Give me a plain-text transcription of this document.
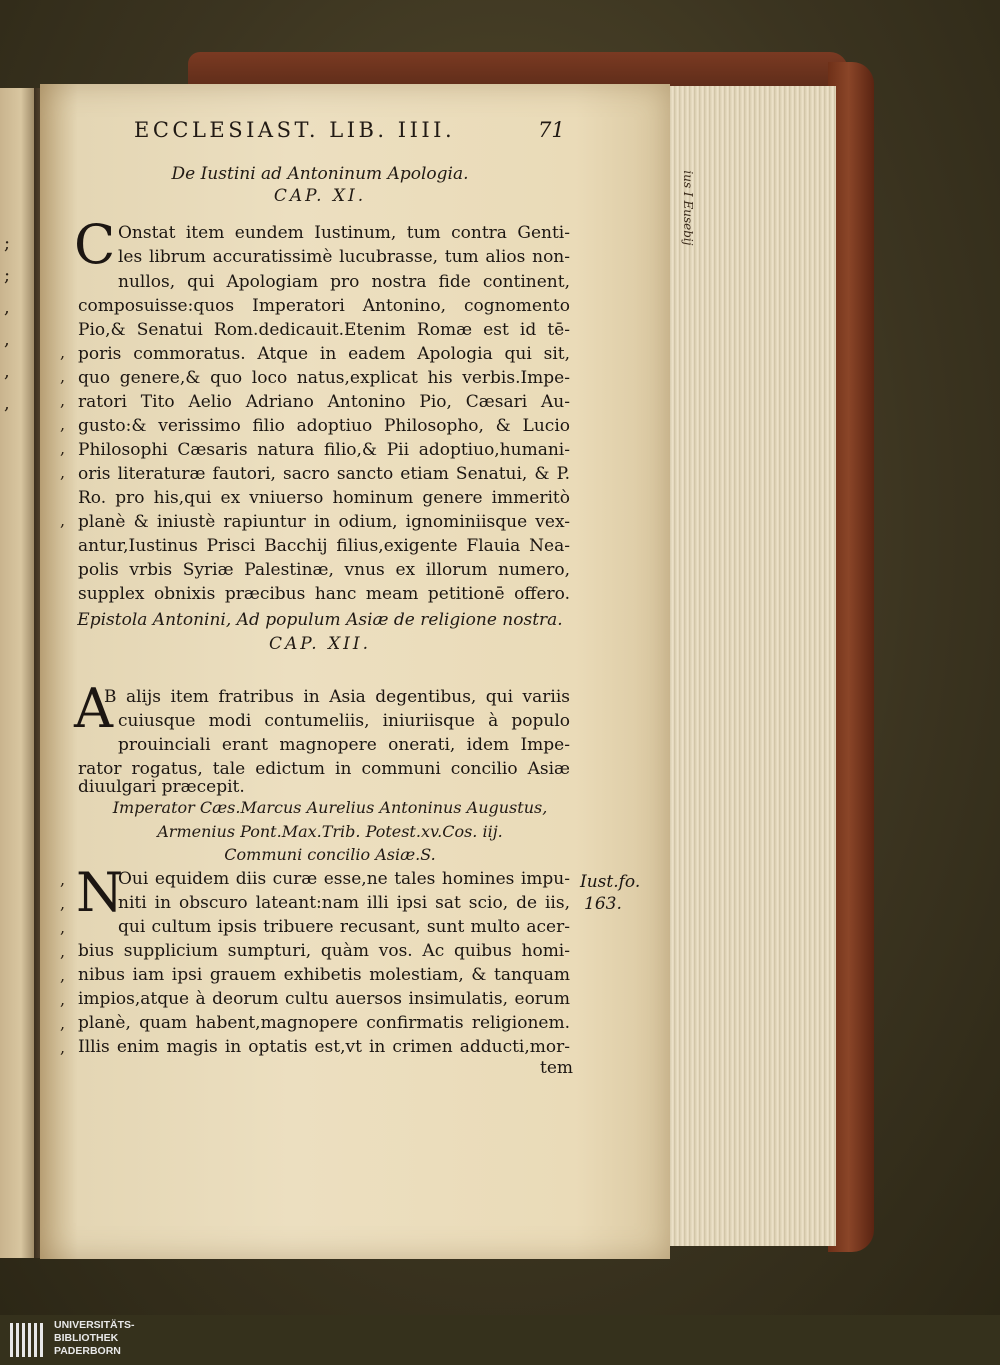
ius I Eusebij
;
;
,
,
,
,
ECCLESIAST. LIB. IIII.	71
De Iustini ad Antoninum Apologia.
CAP. XI.
C Onstat item eundem Iustinum, tum contra Genti-
les librum accuratissimè lucubrasse, tum alios non-
nullos, qui Apologiam pro nostra fide continent,
composuisse:quos Imperatori Antonino, cognomento
Pio,& Senatui Rom.dedicauit.Etenim Romæ est id tē-
poris commoratus. Atque in eadem Apologia qui sit,
quo genere,& quo loco natus,explicat his verbis.Impe-
ratori Tito Aelio Adriano Antonino Pio, Cæsari Au-
gusto:& verissimo filio adoptiuo Philosopho, & Lucio
Philosophi Cæsaris natura filio,& Pii adoptiuo,humani-
oris literaturæ fautori, sacro sancto etiam Senatui, & P.
Ro. pro his,qui ex vniuerso hominum genere immeritò
planè & iniustè rapiuntur in odium, ignominiisque vex-
antur,Iustinus Prisci Bacchij filius,exigente Flauia Nea-
polis vrbis Syriæ Palestinæ, vnus ex illorum numero,
supplex obnixis præcibus hanc meam petitionē offero.
,
,
,
,
,
,
,
Epistola Antonini, Ad populum Asiæ de religione nostra.
CAP. XII.
A
B alijs item fratribus in Asia degentibus, qui variis
cuiusque modi contumeliis, iniuriisque à populo
prouinciali erant magnopere onerati, idem Impe-
rator rogatus, tale edictum in communi concilio Asiæ
diuulgari præcepit.
Imperator Cæs.Marcus Aurelius Antoninus Augustus,
Armenius Pont.Max.Trib. Potest.xv.Cos. iij.
Communi concilio Asiæ.S.
N
Oui equidem diis curæ esse,ne tales homines impu-
niti in obscuro lateant:nam illi ipsi sat scio, de iis,
qui cultum ipsis tribuere recusant, sunt multo acer-
bius supplicium sumpturi, quàm vos. Ac quibus homi-
nibus iam ipsi grauem exhibetis molestiam, & tanquam
impios,atque à deorum cultu auersos insimulatis, eorum
planè, quam habent,magnopere confirmatis religionem.
Illis enim magis in optatis est,vt in crimen adducti,mor-
tem
,
,
,
,
,
,
,
,
Iust.fo.
163.
UNIVERSITÄTS-
BIBLIOTHEK
PADERBORN
